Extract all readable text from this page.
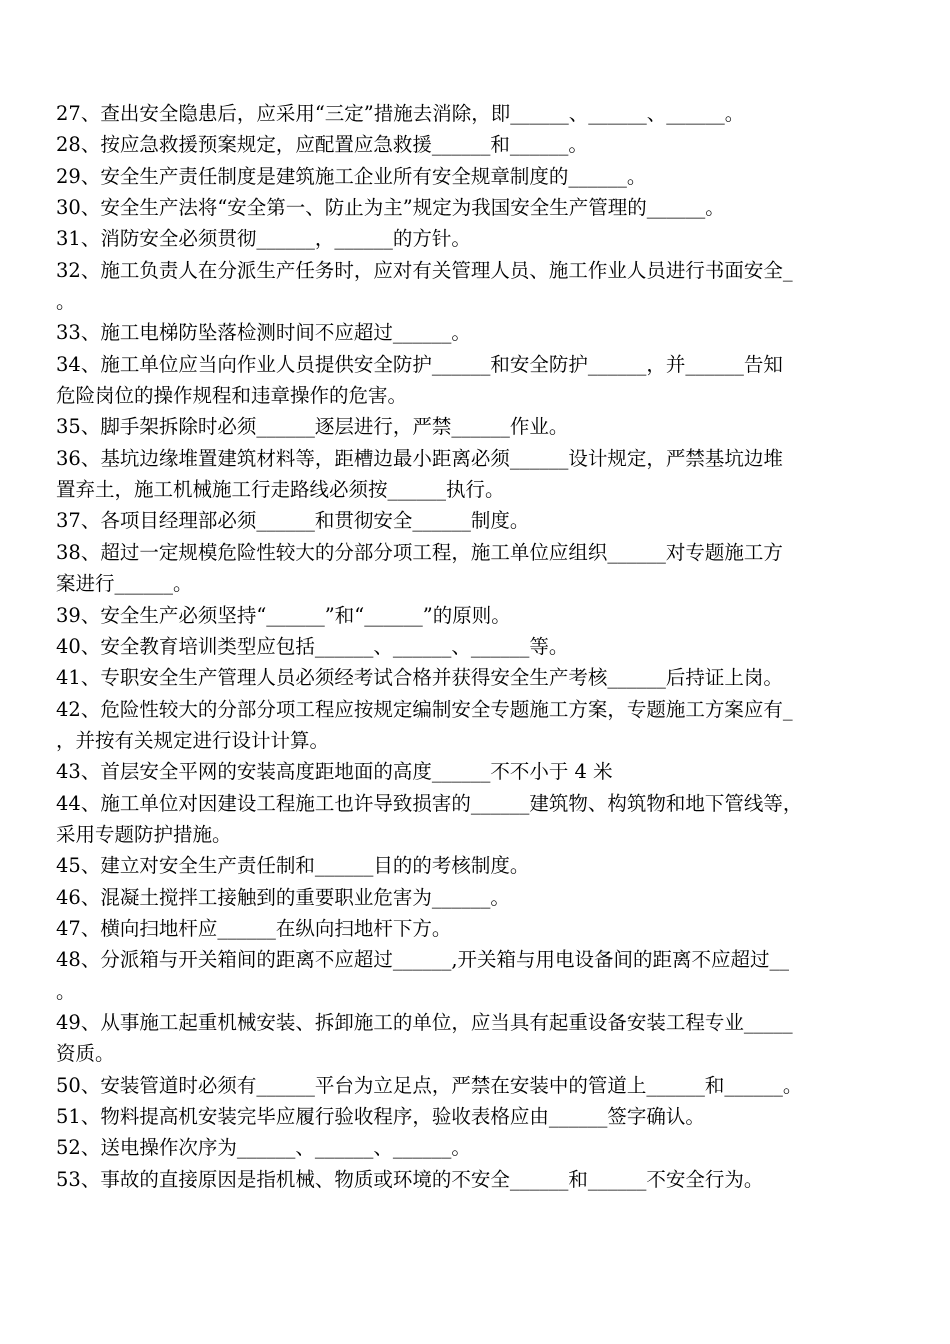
27、查出安全隐患后，应采用“三定”措施去消除，即______、______、______。
28、按应急救援预案规定，应配置应急救援______和______。
29、安全生产责任制度是建筑施工企业所有安全规章制度的______。
30、安全生产法将“安全第一、防止为主”规定为我国安全生产管理的______。
31、消防安全必须贯彻______，______的方针。
32、施工负责人在分派生产任务时，应对有关管理人员、施工作业人员进行书面安全_
。
33、施工电梯防坠落检测时间不应超过______。
34、施工单位应当向作业人员提供安全防护______和安全防护______，并______告知
危险岗位的操作规程和违章操作的危害。
35、脚手架拆除时必须______逐层进行，严禁______作业。
36、基坑边缘堆置建筑材料等，距槽边最小距离必须______设计规定，严禁基坑边堆
置弃土，施工机械施工行走路线必须按______执行。
37、各项目经理部必须______和贯彻安全______制度。
38、超过一定规模危险性较大的分部分项工程，施工单位应组织______对专题施工方
案进行______。
39、安全生产必须坚持“______”和“______”的原则。
40、安全教育培训类型应包括______、______、______等。
41、专职安全生产管理人员必须经考试合格并获得安全生产考核______后持证上岗。
42、危险性较大的分部分项工程应按规定编制安全专题施工方案，专题施工方案应有_
，并按有关规定进行设计计算。
43、首层安全平网的安装高度距地面的高度______不不小于 4 米
44、施工单位对因建设工程施工也许导致损害的______建筑物、构筑物和地下管线等，
采用专题防护措施。
45、建立对安全生产责任制和______目的的考核制度。
46、混凝土搅拌工接触到的重要职业危害为______。
47、横向扫地杆应______在纵向扫地杆下方。
48、分派箱与开关箱间的距离不应超过______,开关箱与用电设备间的距离不应超过__
。
49、从事施工起重机械安装、拆卸施工的单位，应当具有起重设备安装工程专业_____
资质。
50、安装管道时必须有______平台为立足点，严禁在安装中的管道上______和______。
51、物料提高机安装完毕应履行验收程序，验收表格应由______签字确认。
52、送电操作次序为______、______、______。
53、事故的直接原因是指机械、物质或环境的不安全______和______不安全行为。
